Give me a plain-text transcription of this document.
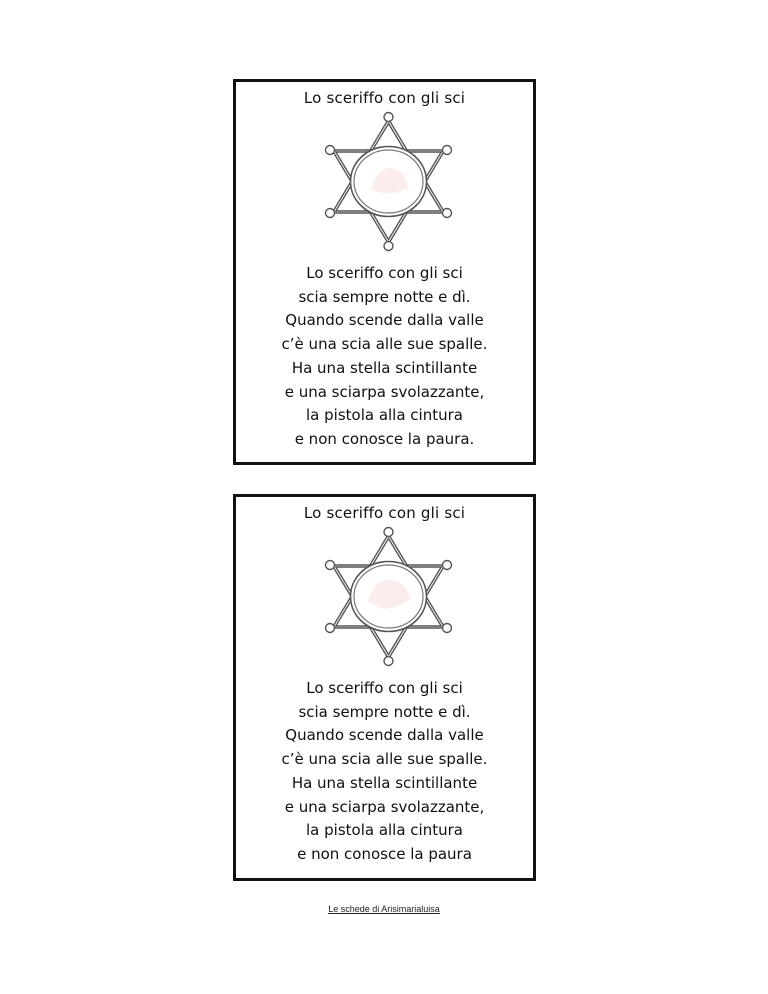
Lo sceriffo con gli sci
Lo sceriffo con gli sci
scia sempre notte e dì.
Quando scende dalla valle
c’è una scia alle sue spalle.
Ha una stella scintillante
e una sciarpa svolazzante,
la pistola alla cintura
e non conosce la paura.
Lo sceriffo con gli sci
Lo sceriffo con gli sci
scia sempre notte e dì.
Quando scende dalla valle
c’è una scia alle sue spalle.
Ha una stella scintillante
e una sciarpa svolazzante,
la pistola alla cintura
e non conosce la paura
Le schede di Arisimarialuisa
